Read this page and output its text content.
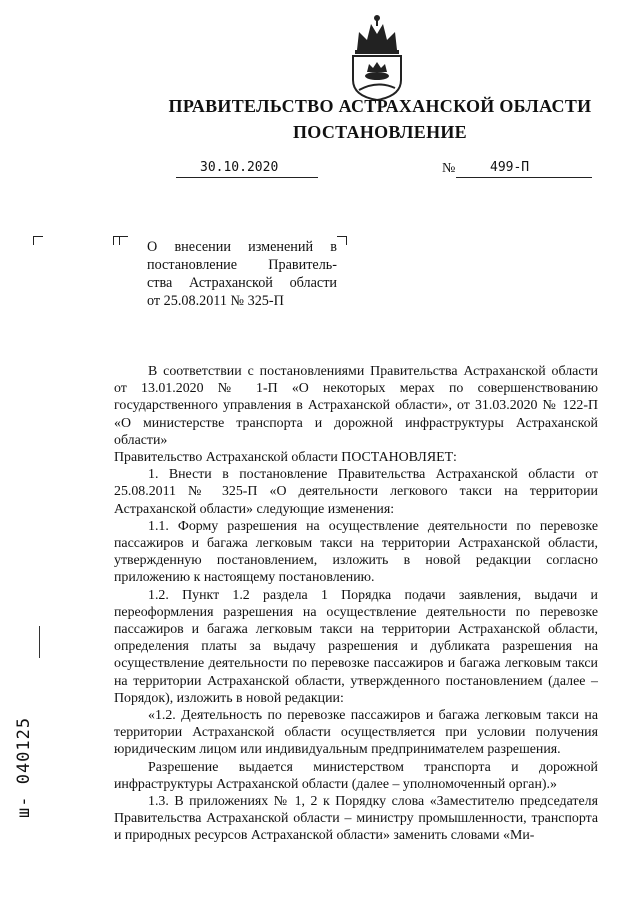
ПРАВИТЕЛЬСТВО АСТРАХАНСКОЙ ОБЛАСТИ
ПОСТАНОВЛЕНИЕ
30.10.2020	№	499-П
О внесении изменений в
постановление Правитель-
ства Астраханской области
от 25.08.2011 № 325-П

В соответствии с постановлениями Правительства Астраханской области от 13.01.2020 № 1-П «О некоторых мерах по совершенствованию государственного управления в Астраханской области», от 31.03.2020 № 122-П «О министерстве транспорта и дорожной инфраструктуры Астраханской области»

Правительство Астраханской области ПОСТАНОВЛЯЕТ:

1. Внести в постановление Правительства Астраханской области от 25.08.2011 № 325-П «О деятельности легкового такси на территории Астраханской области» следующие изменения:

1.1. Форму разрешения на осуществление деятельности по перевозке пассажиров и багажа легковым такси на территории Астраханской области, утвержденную постановлением, изложить в новой редакции согласно приложению к настоящему постановлению.

1.2. Пункт 1.2 раздела 1 Порядка подачи заявления, выдачи и переоформления разрешения на осуществление деятельности по перевозке пассажиров и багажа легковым такси на территории Астраханской области, определения платы за выдачу разрешения и дубликата разрешения на осуществление деятельности по перевозке пассажиров и багажа легковым такси на территории Астраханской области, утвержденного постановлением (далее – Порядок), изложить в новой редакции:

«1.2. Деятельность по перевозке пассажиров и багажа легковым такси на территории Астраханской области осуществляется при условии получения юридическим лицом или индивидуальным предпринимателем разрешения.

Разрешение выдается министерством транспорта и дорожной инфраструктуры Астраханской области (далее – уполномоченный орган).»

1.3. В приложениях № 1, 2 к Порядку слова «Заместителю председателя Правительства Астраханской области – министру промышленности, транспорта и природных ресурсов Астраханской области» заменить словами «Ми-

ш- 040125
